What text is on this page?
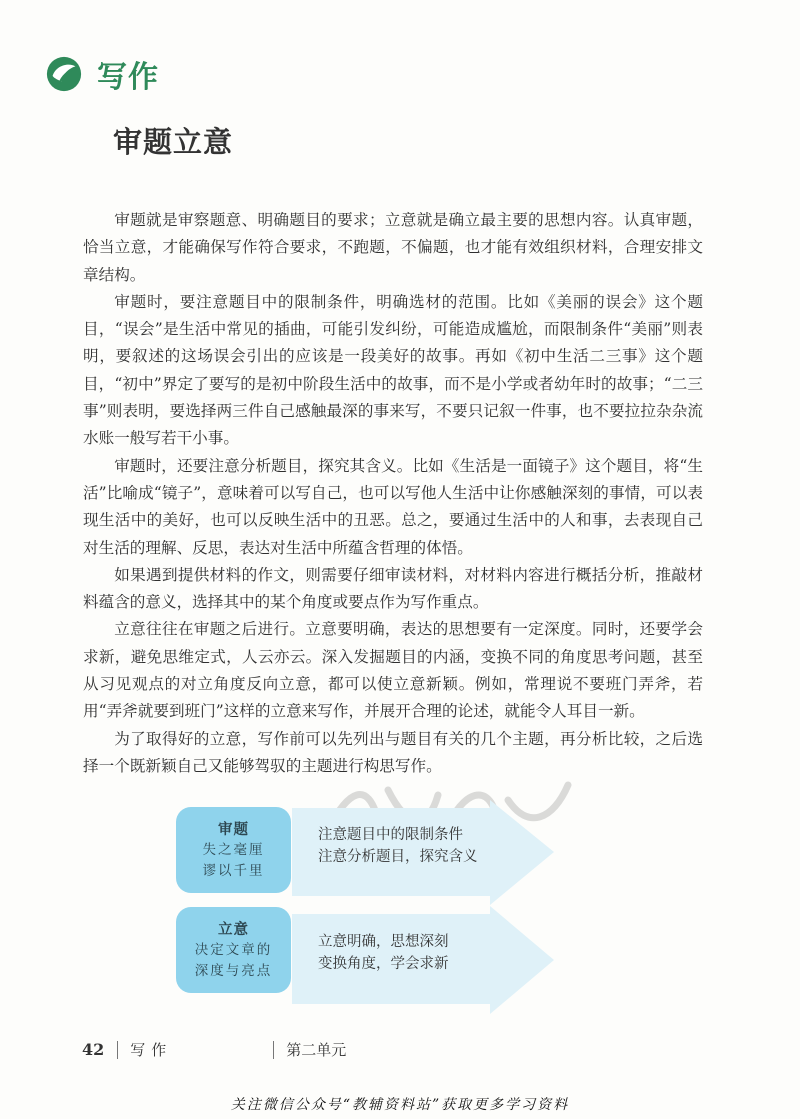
写作
审题立意

审题就是审察题意、明确题目的要求；立意就是确立最主要的思想内容。认真审题，恰当立意，才能确保写作符合要求，不跑题，不偏题，也才能有效组织材料，合理安排文章结构。

审题时，要注意题目中的限制条件，明确选材的范围。比如《美丽的误会》这个题目，“误会”是生活中常见的插曲，可能引发纠纷，可能造成尴尬，而限制条件“美丽”则表明，要叙述的这场误会引出的应该是一段美好的故事。再如《初中生活二三事》这个题目，“初中”界定了要写的是初中阶段生活中的故事，而不是小学或者幼年时的故事；“二三事”则表明，要选择两三件自己感触最深的事来写，不要只记叙一件事，也不要拉拉杂杂流水账一般写若干小事。

审题时，还要注意分析题目，探究其含义。比如《生活是一面镜子》这个题目，将“生活”比喻成“镜子”，意味着可以写自己，也可以写他人生活中让你感触深刻的事情，可以表现生活中的美好，也可以反映生活中的丑恶。总之，要通过生活中的人和事，去表现自己对生活的理解、反思，表达对生活中所蕴含哲理的体悟。

如果遇到提供材料的作文，则需要仔细审读材料，对材料内容进行概括分析，推敲材料蕴含的意义，选择其中的某个角度或要点作为写作重点。

立意往往在审题之后进行。立意要明确，表达的思想要有一定深度。同时，还要学会求新，避免思维定式，人云亦云。深入发掘题目的内涵，变换不同的角度思考问题，甚至从习见观点的对立角度反向立意，都可以使立意新颖。例如，常理说不要班门弄斧，若用“弄斧就要到班门”这样的立意来写作，并展开合理的论述，就能令人耳目一新。

为了取得好的立意，写作前可以先列出与题目有关的几个主题，再分析比较，之后选择一个既新颖自己又能够驾驭的主题进行构思写作。

审题
失之毫厘
谬以千里
注意题目中的限制条件
注意分析题目，探究含义
立意
决定文章的
深度与亮点
立意明确，思想深刻
变换角度，学会求新
42 写作	第二单元
关注微信公众号“教辅资料站”获取更多学习资料
